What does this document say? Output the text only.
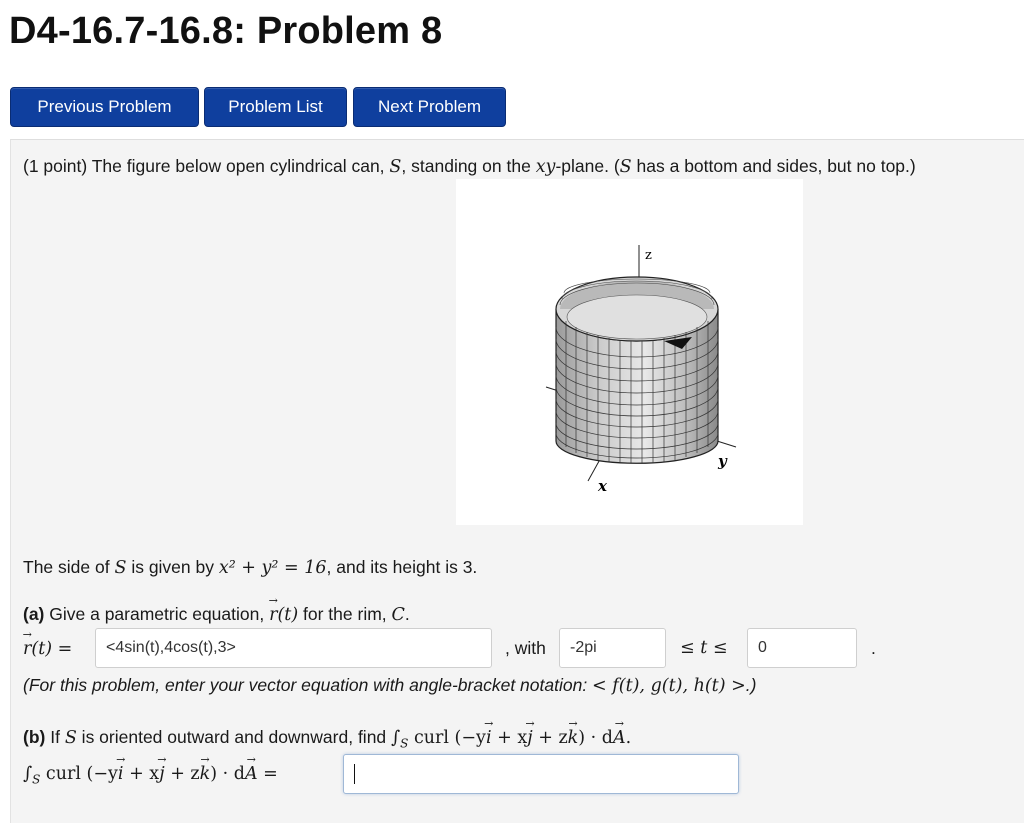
D4-16.7-16.8: Problem 8
Previous Problem	Problem List	Next Problem
(1 point) The figure below open cylindrical can, S, standing on the xy-plane. (S has a bottom and sides, but no top.)
z
x
y
The side of S is given by x² + y² = 16, and its height is 3.
(a) Give a parametric equation, → r(t) for the rim, C.
→ r(t) =	<4sin(t),4cos(t),3>	, with	-2pi	≤ t ≤	0	.
(For this problem, enter your vector equation with angle-bracket notation: < f(t), g(t), h(t) >.)
(b) If S is oriented outward and downward, find $\int_S$ curl (−y→ i + x→ j + z→ k) · d→ A.
$\int_S$ curl (−y→ i + x→ j + z→ k) · d→ A =
